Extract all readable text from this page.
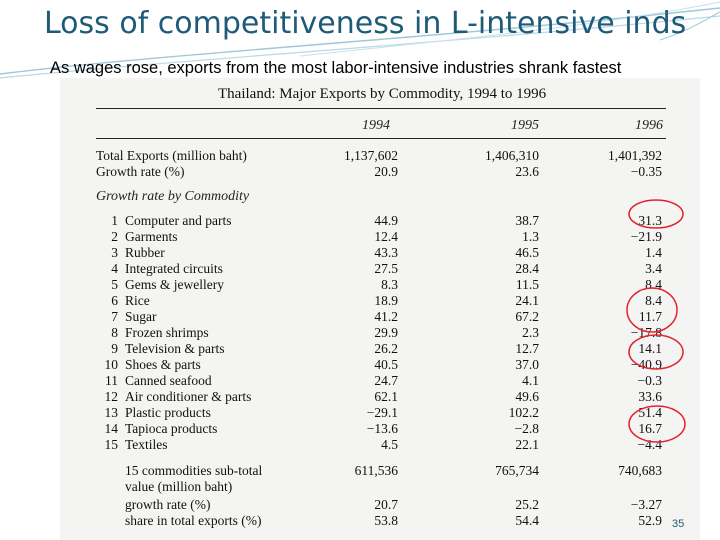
Loss of competitiveness in L-intensive inds
As wages rose, exports from the most labor-intensive industries shrank fastest
Thailand: Major Exports by Commodity, 1994 to 1996
1994	1995	1996
Total Exports (million baht)	1,137,602	1,406,310	1,401,392
Growth rate (%)	20.9	23.6	−0.35
Growth rate by Commodity
1 Computer and parts	44.9	38.7	31.3
2 Garments	12.4	1.3	−21.9
3 Rubber	43.3	46.5	1.4
4 Integrated circuits	27.5	28.4	3.4
5 Gems & jewellery	8.3	11.5	8.4
6 Rice	18.9	24.1	8.4
7 Sugar	41.2	67.2	11.7
8 Frozen shrimps	29.9	2.3	−17.8
9 Television & parts	26.2	12.7	14.1
10 Shoes & parts	40.5	37.0	−40.9
11 Canned seafood	24.7	4.1	−0.3
12 Air conditioner & parts	62.1	49.6	33.6
13 Plastic products	−29.1	102.2	51.4
14 Tapioca products	−13.6	−2.8	16.7
15 Textiles	4.5	22.1	−4.4
15 commodities sub-total	611,536	765,734	740,683
value (million baht)
growth rate (%)	20.7	25.2	−3.27
share in total exports (%)	53.8	54.4	52.9 35
